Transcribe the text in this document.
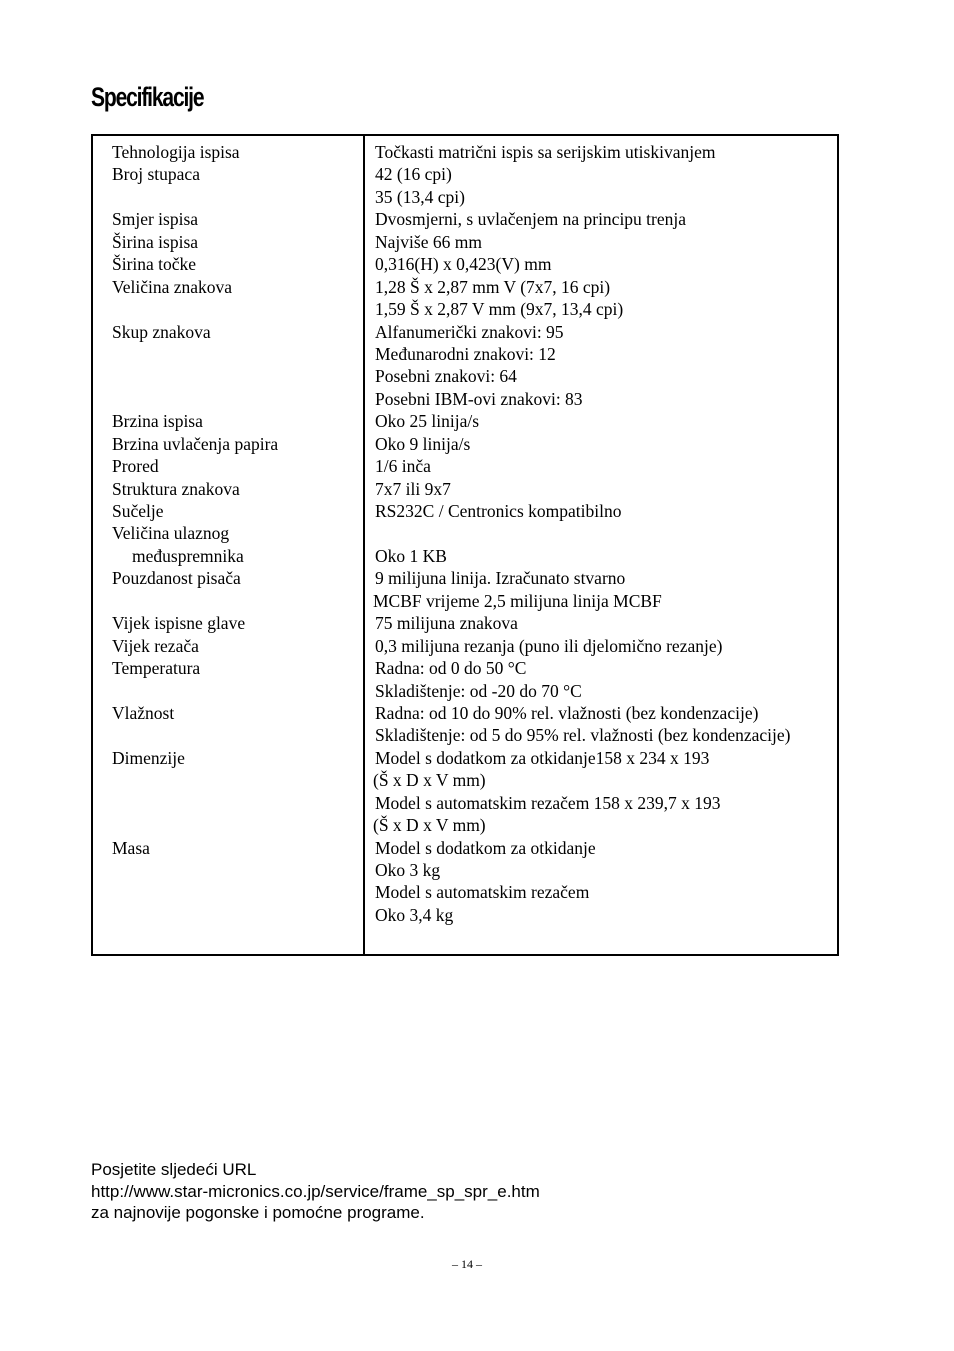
Specifikacije
Tehnologija ispisa
Broj stupaca
Smjer ispisa
Širina ispisa
Širina točke
Veličina znakova
Skup znakova
Brzina ispisa
Brzina uvlačenja papira
Prored
Struktura znakova
Sučelje
Veličina ulaznog
međuspremnika
Pouzdanost pisača
Vijek ispisne glave
Vijek rezača
Temperatura
Vlažnost
Dimenzije
Masa
Točkasti matrični ispis sa serijskim utiskivanjem
42 (16 cpi)
35 (13,4 cpi)
Dvosmjerni, s uvlačenjem na principu trenja
Najviše 66 mm
0,316(H) x 0,423(V) mm
1,28 Š x 2,87 mm V (7x7, 16 cpi)
1,59 Š x 2,87 V mm (9x7, 13,4 cpi)
Alfanumerički znakovi: 95
Međunarodni znakovi: 12
Posebni znakovi: 64
Posebni IBM-ovi znakovi: 83
Oko 25 linija/s
Oko 9 linija/s
1/6 inča
7x7 ili 9x7
RS232C / Centronics kompatibilno
Oko 1 KB
9 milijuna linija. Izračunato stvarno
MCBF vrijeme 2,5 milijuna linija MCBF
75 milijuna znakova
0,3 milijuna rezanja (puno ili djelomično rezanje)
Radna: od 0 do 50 °C
Skladištenje: od -20 do 70 °C
Radna: od 10 do 90% rel. vlažnosti (bez kondenzacije)
Skladištenje: od 5 do 95% rel. vlažnosti (bez kondenzacije)
Model s dodatkom za otkidanje158 x 234 x 193
(Š x D x V mm)
Model s automatskim rezačem 158 x 239,7 x 193
(Š x D x V mm)
Model s dodatkom za otkidanje
Oko 3 kg
Model s automatskim rezačem
Oko 3,4 kg
Posjetite sljedeći URL
http://www.star-micronics.co.jp/service/frame_sp_spr_e.htm
za najnovije pogonske i pomoćne programe.
– 14 –
